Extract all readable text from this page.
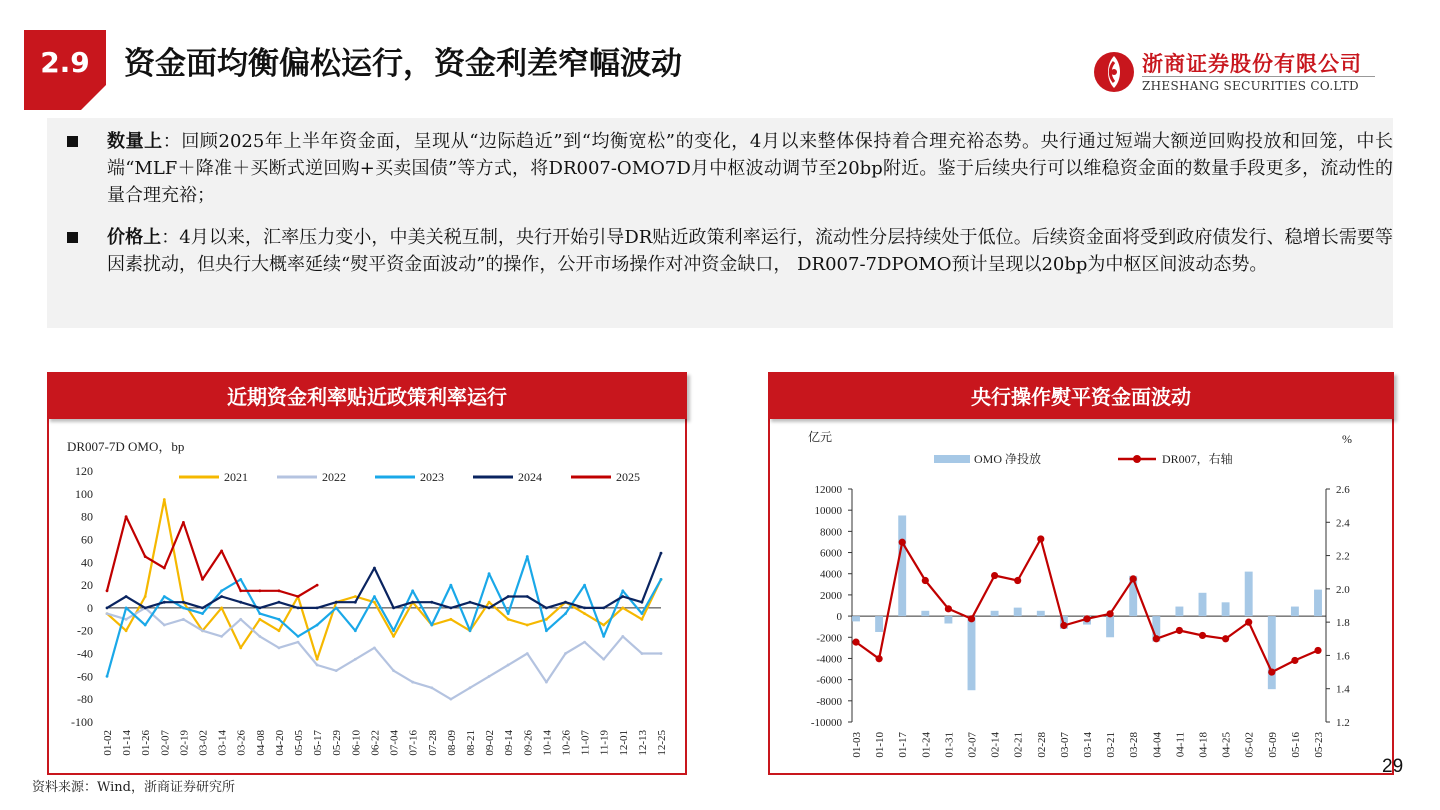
2.9 资金面均衡偏松运行，资金利差窄幅波动	浙商证券股份有限公司
ZHESHANG SECURITIES CO.LTD
数量上：回顾2025年上半年资金面，呈现从“边际趋近”到“均衡宽松”的变化，4月以来整体保持着合理充裕态势。央行通过短端大额逆回购投放和回笼，中长端“MLF＋降准＋买断式逆回购+买卖国债”等方式，将DR007-OMO7D月中枢波动调节至20bp附近。鉴于后续央行可以维稳资金面的数量手段更多，流动性的量合理充裕；
价格上：4月以来，汇率压力变小，中美关税互制，央行开始引导DR贴近政策利率运行，流动性分层持续处于低位。后续资金面将受到政府债发行、稳增长需要等因素扰动，但央行大概率延续“熨平资金面波动”的操作，公开市场操作对冲资金缺口， DR007-7DPOMO预计呈现以20bp为中枢区间波动态势。
近期资金利率贴近政策利率运行
DR007-7D OMO，bp
120
100
80
60
40
20
0
-20
-40
-60
-80
-100
01-02 01-14 01-26 02-07 02-19 03-02 03-14 03-26 04-08 04-20 05-05 05-17 05-29 06-10 06-22 07-04 07-16 07-28 08-09 08-21 09-02 09-14 09-26 10-14 10-26 11-07 11-19 12-01 12-13 12-25
2021	2022	2023	2024	2025
央行操作熨平资金面波动
亿元	%
12000
10000
8000
6000
4000
2000
0
-2000
-4000
-6000
-8000
-10000
2.6
2.4
2.2
2.0
1.8
1.6
1.4
1.2
01-03 01-10 01-17 01-24 01-31 02-07 02-14 02-21 02-28 03-07 03-14 03-21 03-28 04-04 04-11 04-18 04-25 05-02 05-09 05-16 05-23
OMO 净投放	DR007，右轴
资料来源：Wind，浙商证券研究所
29
